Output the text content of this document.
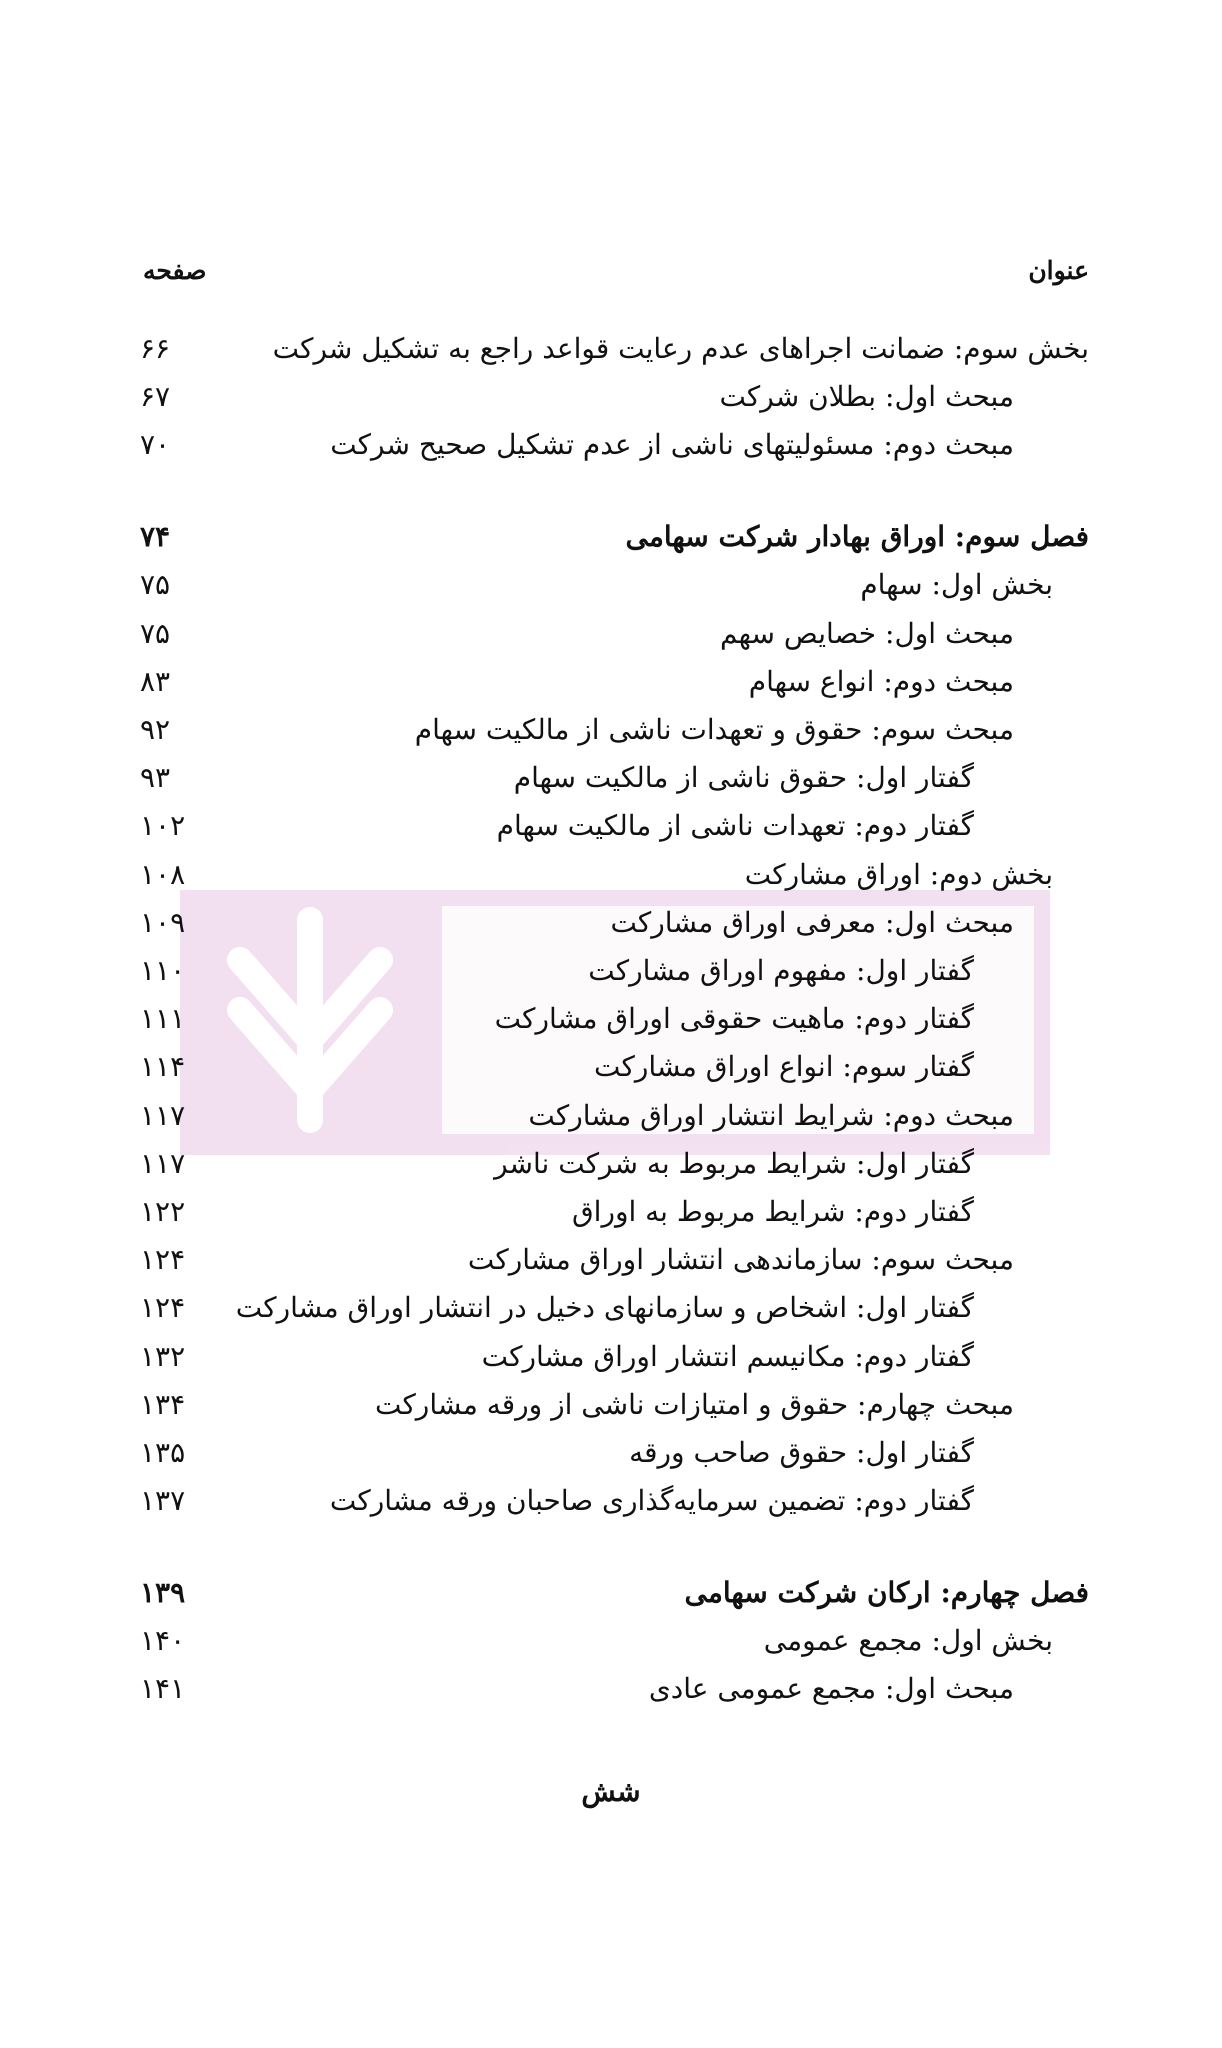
عنوان
صفحه
بخش سوم: ضمانت اجراهای عدم رعایت قواعد راجع به تشکیل شرکت
۶۶
مبحث اول: بطلان شرکت
۶۷
مبحث دوم: مسئولیتهای ناشی از عدم تشکیل صحیح شرکت
۷۰
فصل سوم: اوراق بهادار شرکت سهامی
۷۴
بخش اول: سهام
۷۵
مبحث اول: خصایص سهم
۷۵
مبحث دوم: انواع سهام
۸۳
مبحث سوم: حقوق و تعهدات ناشی از مالکیت سهام
۹۲
گفتار اول: حقوق ناشی از مالکیت سهام
۹۳
گفتار دوم: تعهدات ناشی از مالکیت سهام
۱۰۲
بخش دوم: اوراق مشارکت
۱۰۸
مبحث اول: معرفی اوراق مشارکت
۱۰۹
گفتار اول: مفهوم اوراق مشارکت
۱۱۰
گفتار دوم: ماهیت حقوقی اوراق مشارکت
۱۱۱
گفتار سوم: انواع اوراق مشارکت
۱۱۴
مبحث دوم: شرایط انتشار اوراق مشارکت
۱۱۷
گفتار اول: شرایط مربوط به شرکت ناشر
۱۱۷
گفتار دوم: شرایط مربوط به اوراق
۱۲۲
مبحث سوم: سازماندهی انتشار اوراق مشارکت
۱۲۴
گفتار اول: اشخاص و سازمانهای دخیل در انتشار اوراق مشارکت
۱۲۴
گفتار دوم: مکانیسم انتشار اوراق مشارکت
۱۳۲
مبحث چهارم: حقوق و امتیازات ناشی از ورقه مشارکت
۱۳۴
گفتار اول: حقوق صاحب ورقه
۱۳۵
گفتار دوم: تضمین سرمایه‌گذاری صاحبان ورقه مشارکت
۱۳۷
فصل چهارم: ارکان شرکت سهامی
۱۳۹
بخش اول: مجمع عمومی
۱۴۰
مبحث اول: مجمع عمومی عادی
۱۴۱
شش
